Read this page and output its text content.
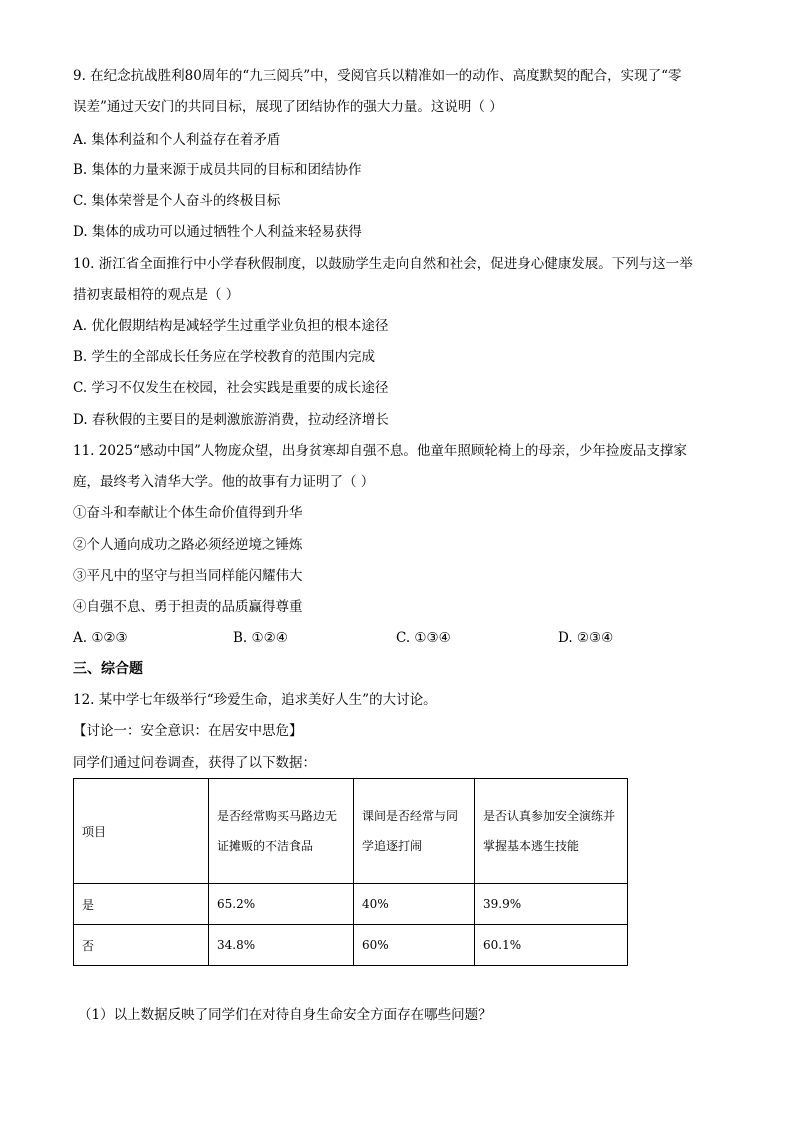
9. 在纪念抗战胜利80周年的“九三阅兵”中，受阅官兵以精准如一的动作、高度默契的配合，实现了“零
误差”通过天安门的共同目标，展现了团结协作的强大力量。这说明（ ）
A. 集体利益和个人利益存在着矛盾
B. 集体的力量来源于成员共同的目标和团结协作
C. 集体荣誉是个人奋斗的终极目标
D. 集体的成功可以通过牺牲个人利益来轻易获得
10. 浙江省全面推行中小学春秋假制度，以鼓励学生走向自然和社会，促进身心健康发展。下列与这一举
措初衷最相符的观点是（ ）
A. 优化假期结构是减轻学生过重学业负担的根本途径
B. 学生的全部成长任务应在学校教育的范围内完成
C. 学习不仅发生在校园，社会实践是重要的成长途径
D. 春秋假的主要目的是刺激旅游消费，拉动经济增长
11. 2025“感动中国”人物庞众望，出身贫寒却自强不息。他童年照顾轮椅上的母亲，少年捡废品支撑家
庭，最终考入清华大学。他的故事有力证明了（ ）
①奋斗和奉献让个体生命价值得到升华
②个人通向成功之路必须经逆境之锤炼
③平凡中的坚守与担当同样能闪耀伟大
④自强不息、勇于担责的品质赢得尊重
A. ①②③	B. ①②④	C. ①③④	D. ②③④
三、综合题
12. 某中学七年级举行“珍爱生命，追求美好人生”的大讨论。
【讨论一：安全意识：在居安中思危】
同学们通过问卷调查，获得了以下数据：
项目	是否经常购买马路边无证摊贩的不洁食品	课间是否经常与同学追逐打闹	是否认真参加安全演练并掌握基本逃生技能

是	65.2%	40%	39.9%
否	34.8%	60%	60.1%
（1）以上数据反映了同学们在对待自身生命安全方面存在哪些问题？
